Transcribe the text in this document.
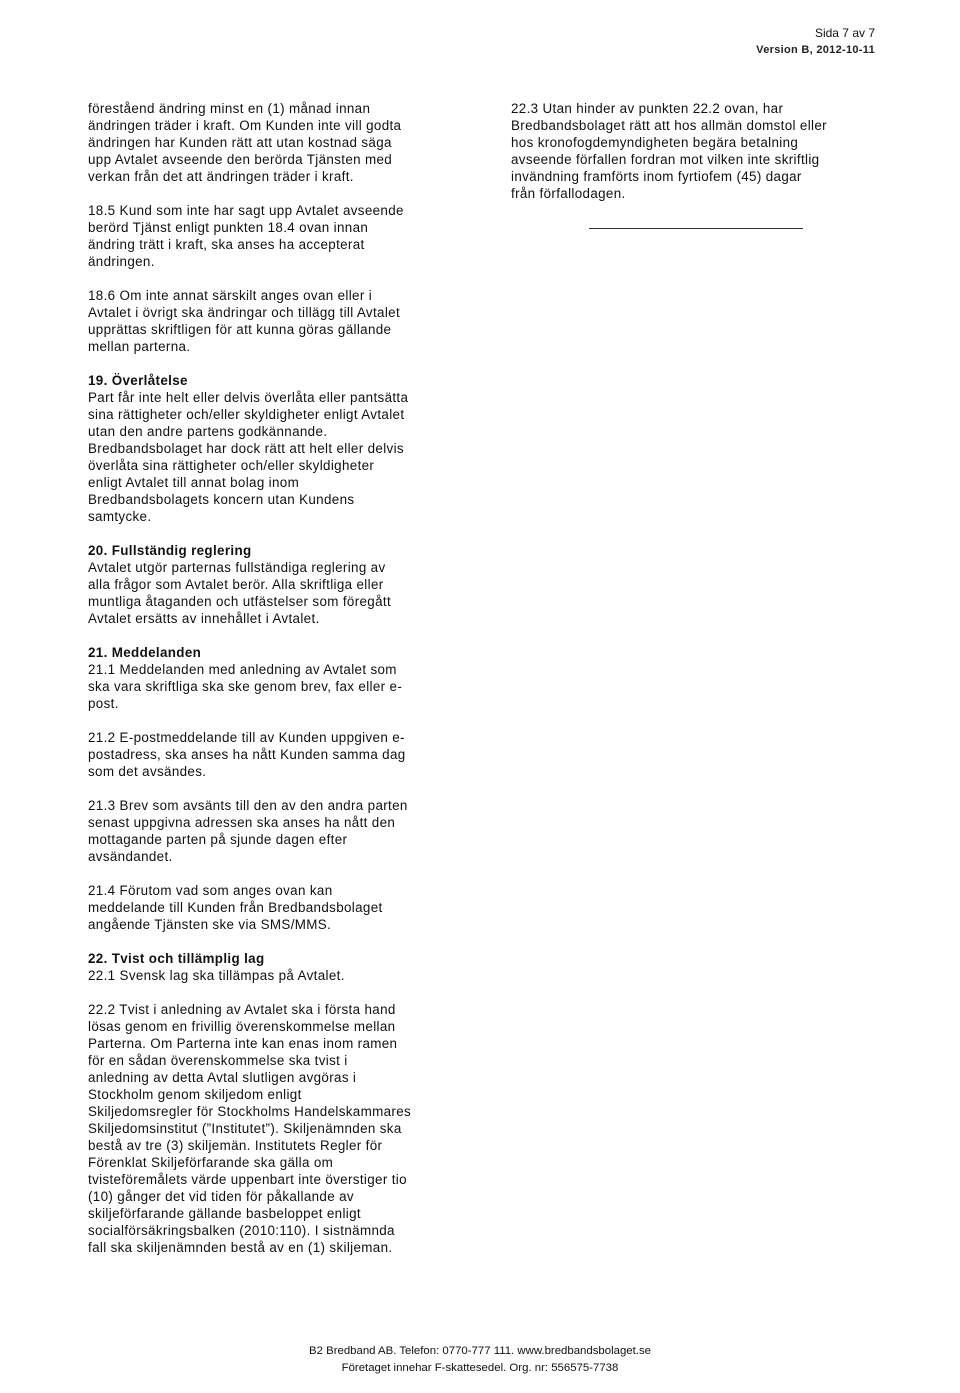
Sida 7 av 7
Version B, 2012-10-11

föreståend ändring minst en (1) månad innan
ändringen träder i kraft. Om Kunden inte vill godta
ändringen har Kunden rätt att utan kostnad säga
upp Avtalet avseende den berörda Tjänsten med
verkan från det att ändringen träder i kraft.

18.5 Kund som inte har sagt upp Avtalet avseende
berörd Tjänst enligt punkten 18.4 ovan innan
ändring trätt i kraft, ska anses ha accepterat
ändringen.

18.6 Om inte annat särskilt anges ovan eller i
Avtalet i övrigt ska ändringar och tillägg till Avtalet
upprättas skriftligen för att kunna göras gällande
mellan parterna.

19. Överlåtelse

Part får inte helt eller delvis överlåta eller pantsätta
sina rättigheter och/eller skyldigheter enligt Avtalet
utan den andre partens godkännande.
Bredbandsbolaget har dock rätt att helt eller delvis
överlåta sina rättigheter och/eller skyldigheter
enligt Avtalet till annat bolag inom
Bredbandsbolagets koncern utan Kundens
samtycke.

20. Fullständig reglering

Avtalet utgör parternas fullständiga reglering av
alla frågor som Avtalet berör. Alla skriftliga eller
muntliga åtaganden och utfästelser som föregått
Avtalet ersätts av innehållet i Avtalet.

21. Meddelanden

21.1 Meddelanden med anledning av Avtalet som
ska vara skriftliga ska ske genom brev, fax eller e-
post.

21.2 E-postmeddelande till av Kunden uppgiven e-
postadress, ska anses ha nått Kunden samma dag
som det avsändes.

21.3 Brev som avsänts till den av den andra parten
senast uppgivna adressen ska anses ha nått den
mottagande parten på sjunde dagen efter
avsändandet.

21.4 Förutom vad som anges ovan kan
meddelande till Kunden från Bredbandsbolaget
angående Tjänsten ske via SMS/MMS.

22. Tvist och tillämplig lag

22.1 Svensk lag ska tillämpas på Avtalet.

22.2 Tvist i anledning av Avtalet ska i första hand
lösas genom en frivillig överenskommelse mellan
Parterna. Om Parterna inte kan enas inom ramen
för en sådan överenskommelse ska tvist i
anledning av detta Avtal slutligen avgöras i
Stockholm genom skiljedom enligt
Skiljedomsregler för Stockholms Handelskammares
Skiljedomsinstitut (”Institutet”). Skiljenämnden ska
bestå av tre (3) skiljemän. Institutets Regler för
Förenklat Skiljeförfarande ska gälla om
tvisteföremålets värde uppenbart inte överstiger tio
(10) gånger det vid tiden för påkallande av
skiljeförfarande gällande basbeloppet enligt
socialförsäkringsbalken (2010:110). I sistnämnda
fall ska skiljenämnden bestå av en (1) skiljeman.

22.3 Utan hinder av punkten 22.2 ovan, har
Bredbandsbolaget rätt att hos allmän domstol eller
hos kronofogdemyndigheten begära betalning
avseende förfallen fordran mot vilken inte skriftlig
invändning framförts inom fyrtiofem (45) dagar
från förfallodagen.

B2 Bredband AB. Telefon: 0770-777 111. www.bredbandsbolaget.se

Företaget innehar F-skattesedel. Org. nr: 556575-7738
